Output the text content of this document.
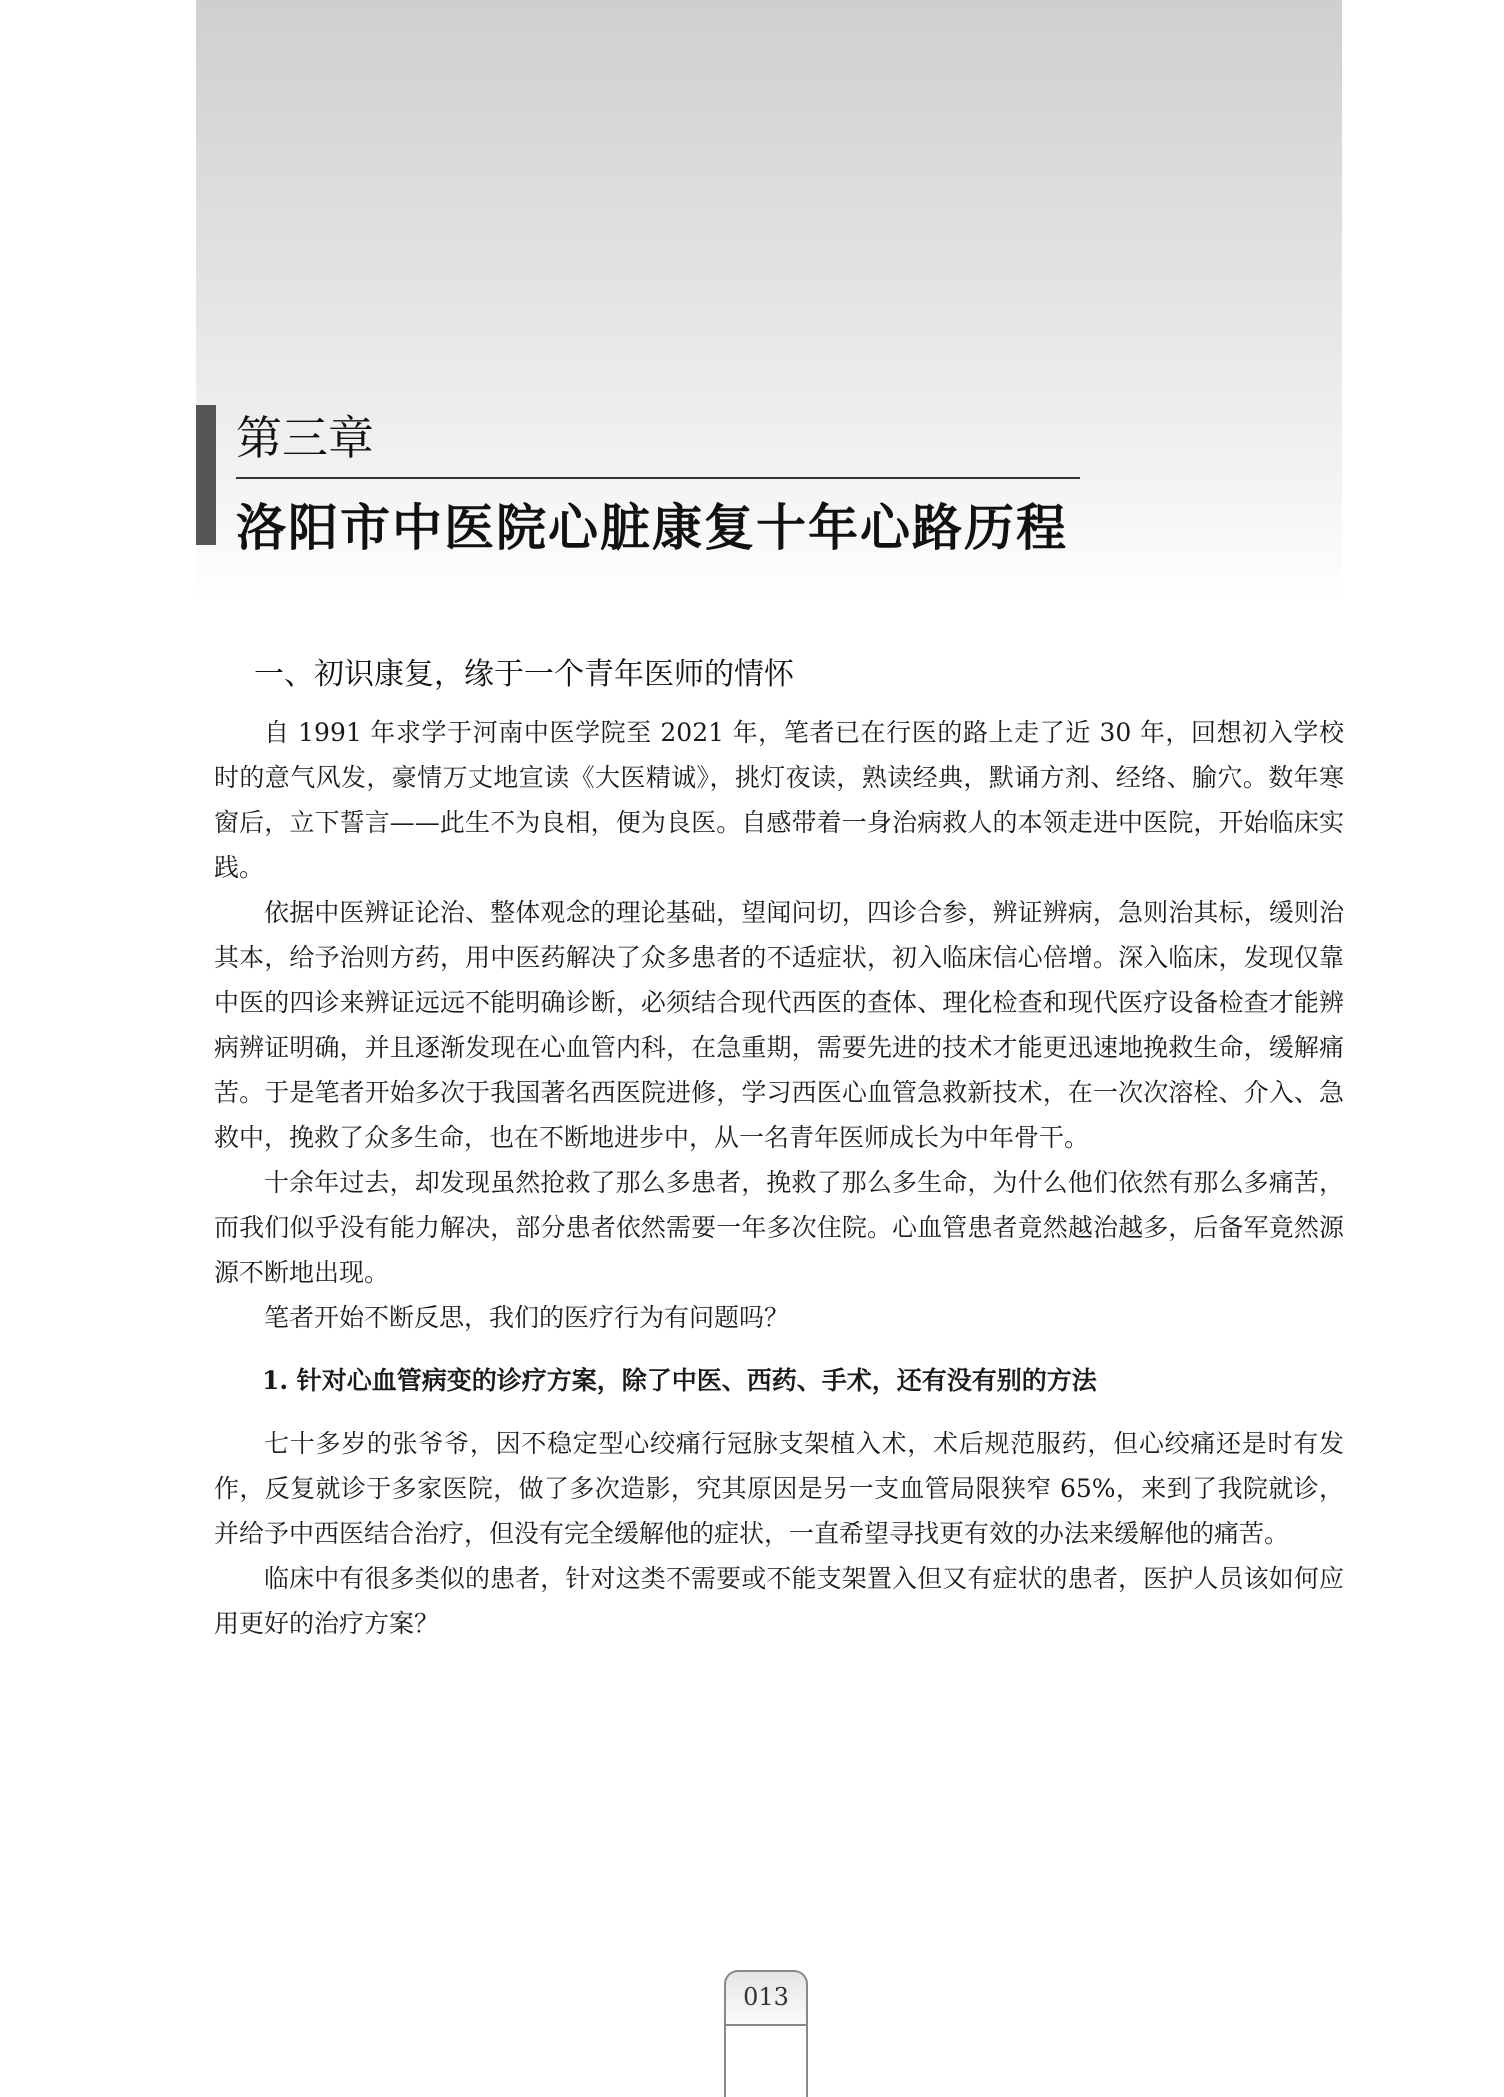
第三章
洛阳市中医院心脏康复十年心路历程
一、初识康复，缘于一个青年医师的情怀

自 1991 年求学于河南中医学院至 2021 年，笔者已在行医的路上走了近 30 年，回想初入学校时的意气风发，豪情万丈地宣读《大医精诚》，挑灯夜读，熟读经典，默诵方剂、经络、腧穴。数年寒窗后，立下誓言——此生不为良相，便为良医。自感带着一身治病救人的本领走进中医院，开始临床实践。

依据中医辨证论治、整体观念的理论基础，望闻问切，四诊合参，辨证辨病，急则治其标，缓则治其本，给予治则方药，用中医药解决了众多患者的不适症状，初入临床信心倍增。深入临床，发现仅靠中医的四诊来辨证远远不能明确诊断，必须结合现代西医的查体、理化检查和现代医疗设备检查才能辨病辨证明确，并且逐渐发现在心血管内科，在急重期，需要先进的技术才能更迅速地挽救生命，缓解痛苦。于是笔者开始多次于我国著名西医院进修，学习西医心血管急救新技术，在一次次溶栓、介入、急救中，挽救了众多生命，也在不断地进步中，从一名青年医师成长为中年骨干。

十余年过去，却发现虽然抢救了那么多患者，挽救了那么多生命，为什么他们依然有那么多痛苦，而我们似乎没有能力解决，部分患者依然需要一年多次住院。心血管患者竟然越治越多，后备军竟然源源不断地出现。

笔者开始不断反思，我们的医疗行为有问题吗？

1. 针对心血管病变的诊疗方案，除了中医、西药、手术，还有没有别的方法

七十多岁的张爷爷，因不稳定型心绞痛行冠脉支架植入术，术后规范服药，但心绞痛还是时有发作，反复就诊于多家医院，做了多次造影，究其原因是另一支血管局限狭窄 65%，来到了我院就诊，并给予中西医结合治疗，但没有完全缓解他的症状，一直希望寻找更有效的办法来缓解他的痛苦。

临床中有很多类似的患者，针对这类不需要或不能支架置入但又有症状的患者，医护人员该如何应用更好的治疗方案？

013
